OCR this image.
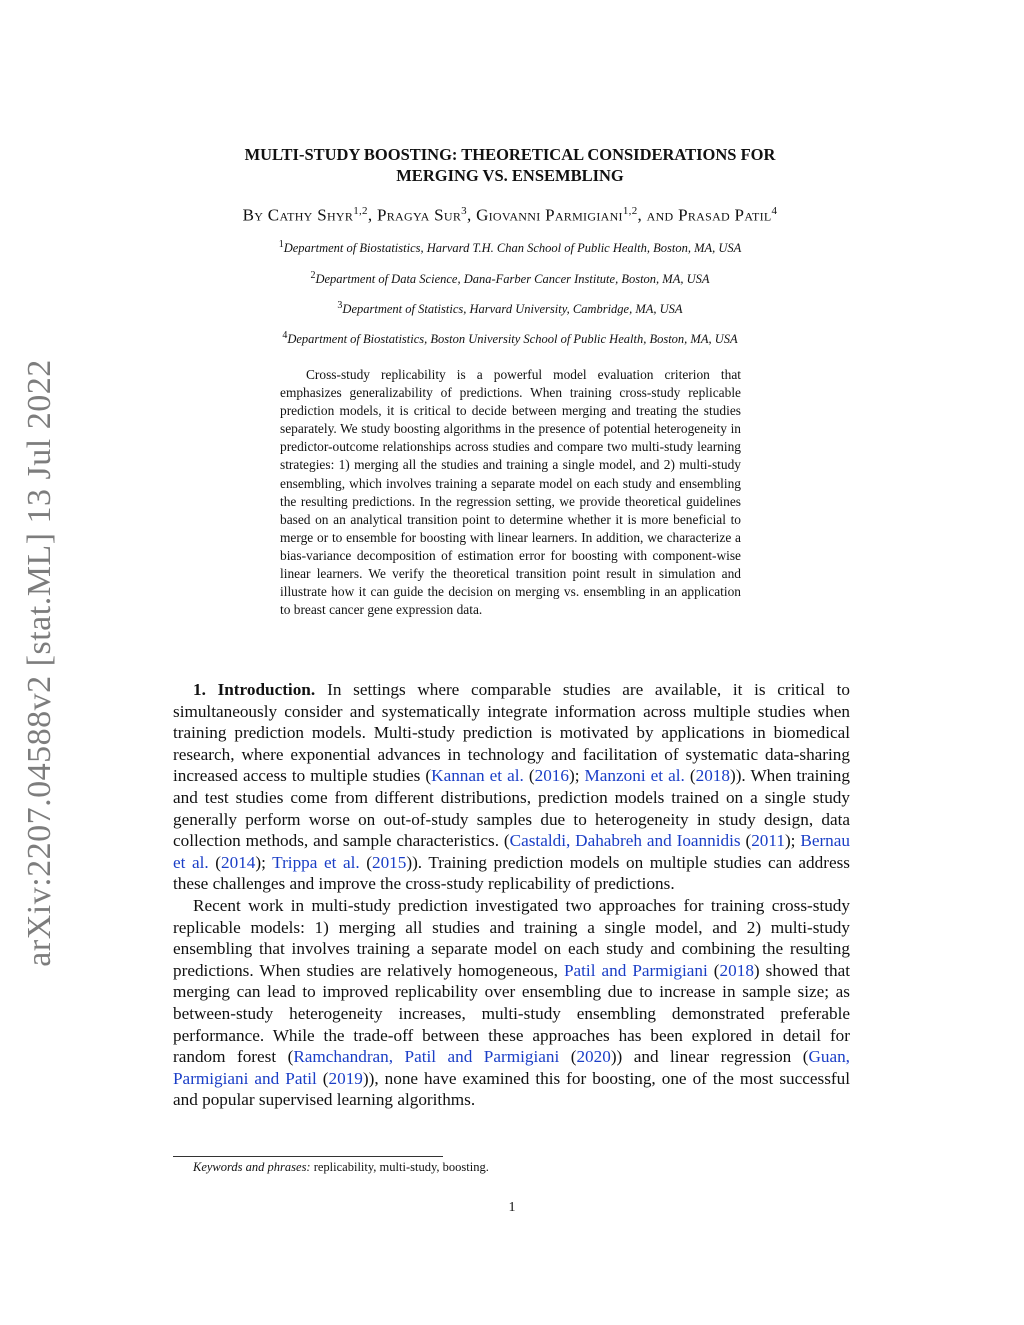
arXiv:2207.04588v2 [stat.ML] 13 Jul 2022
MULTI-STUDY BOOSTING: THEORETICAL CONSIDERATIONS FOR
MERGING VS. ENSEMBLING
By Cathy Shyr$^{1,2}$, Pragya Sur$^3$, Giovanni Parmigiani$^{1,2}$, and Prasad Patil$^4$
$^1$Department of Biostatistics, Harvard T.H. Chan School of Public Health, Boston, MA, USA
$^2$Department of Data Science, Dana-Farber Cancer Institute, Boston, MA, USA
$^3$Department of Statistics, Harvard University, Cambridge, MA, USA
$^4$Department of Biostatistics, Boston University School of Public Health, Boston, MA, USA

Cross-study replicability is a powerful model evaluation criterion that emphasizes generalizability of predictions. When training cross-study replicable prediction models, it is critical to decide between merging and treating the studies separately. We study boosting algorithms in the presence of potential heterogeneity in predictor-outcome relationships across studies and compare two multi-study learning strategies: 1) merging all the studies and training a single model, and 2) multi-study ensembling, which involves training a separate model on each study and ensembling the resulting predictions. In the regression setting, we provide theoretical guidelines based on an analytical transition point to determine whether it is more beneficial to merge or to ensemble for boosting with linear learners. In addition, we characterize a bias-variance decomposition of estimation error for boosting with component-wise linear learners. We verify the theoretical transition point result in simulation and illustrate how it can guide the decision on merging vs. ensembling in an application to breast cancer gene expression data.

1. Introduction. In settings where comparable studies are available, it is critical to simultaneously consider and systematically integrate information across multiple studies when training prediction models. Multi-study prediction is motivated by applications in biomedical research, where exponential advances in technology and facilitation of systematic data-sharing increased access to multiple studies (Kannan et al. (2016); Manzoni et al. (2018)). When training and test studies come from different distributions, prediction models trained on a single study generally perform worse on out-of-study samples due to heterogeneity in study design, data collection methods, and sample characteristics. (Castaldi, Dahabreh and Ioannidis (2011); Bernau et al. (2014); Trippa et al. (2015)). Training prediction models on multiple studies can address these challenges and improve the cross-study replicability of predictions.

Recent work in multi-study prediction investigated two approaches for training cross-study replicable models: 1) merging all studies and training a single model, and 2) multi-study ensembling that involves training a separate model on each study and combining the resulting predictions. When studies are relatively homogeneous, Patil and Parmigiani (2018) showed that merging can lead to improved replicability over ensembling due to increase in sample size; as between-study heterogeneity increases, multi-study ensembling demonstrated preferable performance. While the trade-off between these approaches has been explored in detail for random forest (Ramchandran, Patil and Parmigiani (2020)) and linear regression (Guan, Parmigiani and Patil (2019)), none have examined this for boosting, one of the most successful and popular supervised learning algorithms.

Keywords and phrases: replicability, multi-study, boosting.
1
